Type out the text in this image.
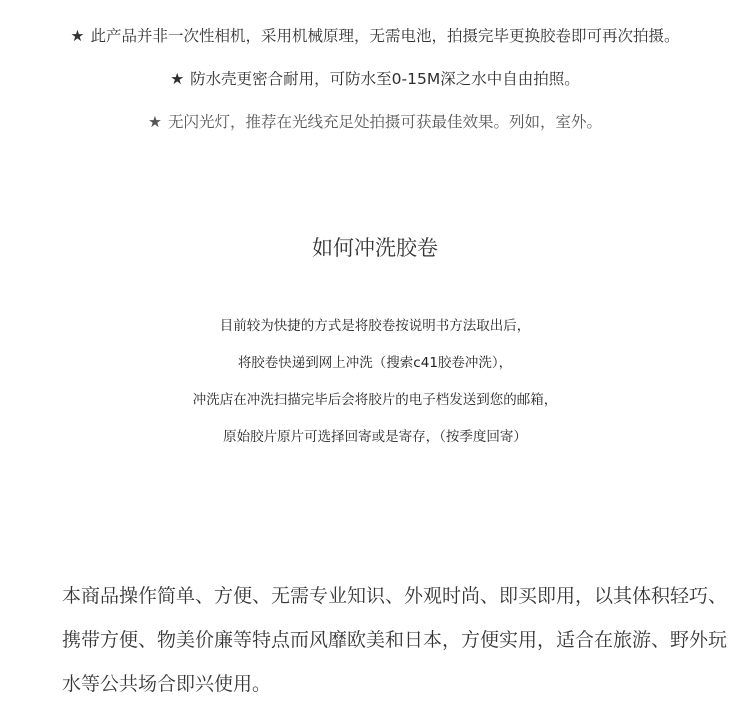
★ 此产品并非一次性相机，采用机械原理，无需电池，拍摄完毕更换胶卷即可再次拍摄。
★ 防水壳更密合耐用，可防水至0-15M深之水中自由拍照。
★ 无闪光灯，推荐在光线充足处拍摄可获最佳效果。列如，室外。
如何冲洗胶卷
目前较为快捷的方式是将胶卷按说明书方法取出后，
将胶卷快递到网上冲洗（搜索c41胶卷冲洗），
冲洗店在冲洗扫描完毕后会将胶片的电子档发送到您的邮箱，
原始胶片原片可选择回寄或是寄存，（按季度回寄）
本商品操作简单、方便、无需专业知识、外观时尚、即买即用，以其体积轻巧、
携带方便、物美价廉等特点而风靡欧美和日本，方便实用，适合在旅游、野外玩
水等公共场合即兴使用。
